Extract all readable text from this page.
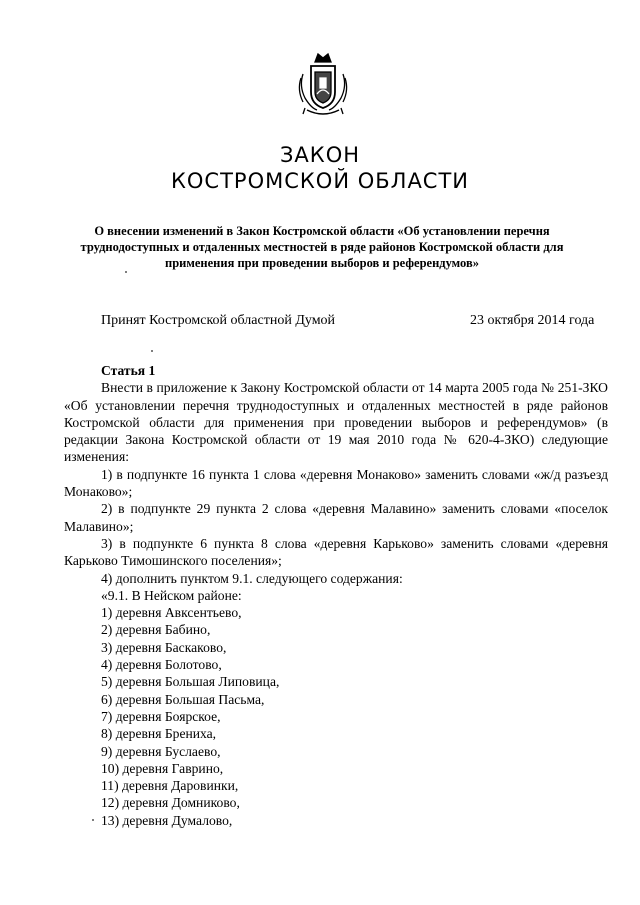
ЗАКОН
КОСТРОМСКОЙ ОБЛАСТИ
О внесении изменений в Закон Костромской области «Об установлении перечня труднодоступных и отдаленных местностей в ряде районов Костромской области для применения при проведении выборов и референдумов»
Принят Костромской областной Думой	23 октября 2014 года
Статья 1

Внести в приложение к Закону Костромской области от 14 марта 2005 года № 251-ЗКО «Об установлении перечня труднодоступных и отдаленных местностей в ряде районов Костромской области для применения при проведении выборов и референдумов» (в редакции Закона Костромской области от 19 мая 2010 года № 620-4-ЗКО) следующие изменения:

1) в подпункте 16 пункта 1 слова «деревня Монаково» заменить словами «ж/д разъезд Монаково»;

2) в подпункте 29 пункта 2 слова «деревня Малавино» заменить словами «поселок Малавино»;

3) в подпункте 6 пункта 8 слова «деревня Карьково» заменить словами «деревня Карьково Тимошинского поселения»;

4) дополнить пунктом 9.1. следующего содержания:

«9.1. В Нейском районе:

1) деревня Авксентьево,
2) деревня Бабино,
3) деревня Баскаково,
4) деревня Болотово,
5) деревня Большая Липовица,
6) деревня Большая Пасьма,
7) деревня Боярское,
8) деревня Брениха,
9) деревня Буслаево,
10) деревня Гаврино,
11) деревня Даровинки,
12) деревня Домниково,
13) деревня Думалово,
